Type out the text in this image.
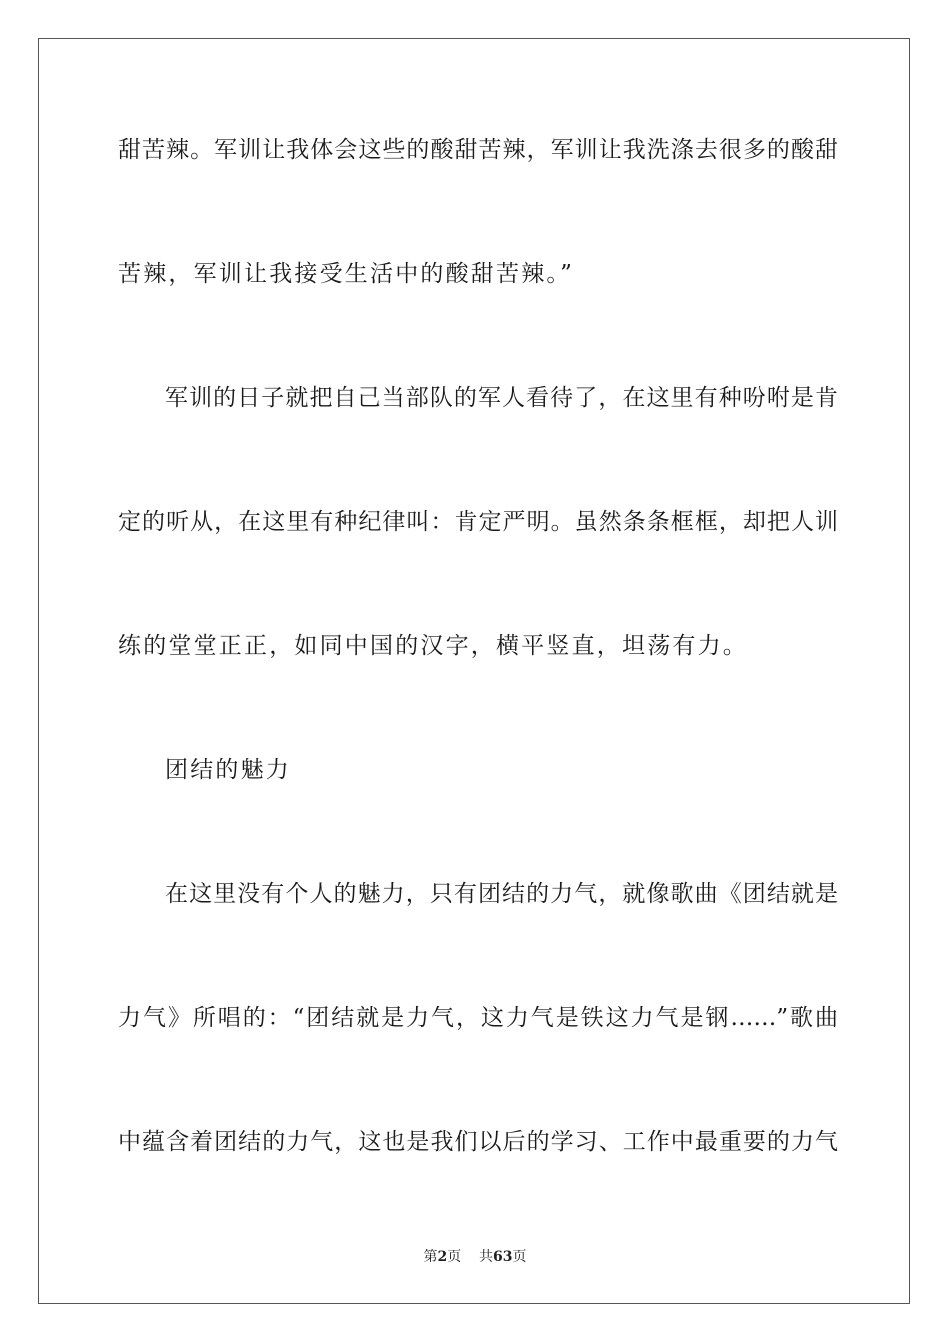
甜苦辣。军训让我体会这些的酸甜苦辣，军训让我洗涤去很多的酸甜
苦辣，军训让我接受生活中的酸甜苦辣。”
军训的日子就把自己当部队的军人看待了，在这里有种吩咐是肯
定的听从，在这里有种纪律叫：肯定严明。虽然条条框框，却把人训
练的堂堂正正，如同中国的汉字，横平竖直，坦荡有力。
团结的魅力
在这里没有个人的魅力，只有团结的力气，就像歌曲《团结就是
力气》所唱的：“团结就是力气，这力气是铁这力气是钢……”歌曲
中蕴含着团结的力气，这也是我们以后的学习、工作中最重要的力气
第2页 共63页
